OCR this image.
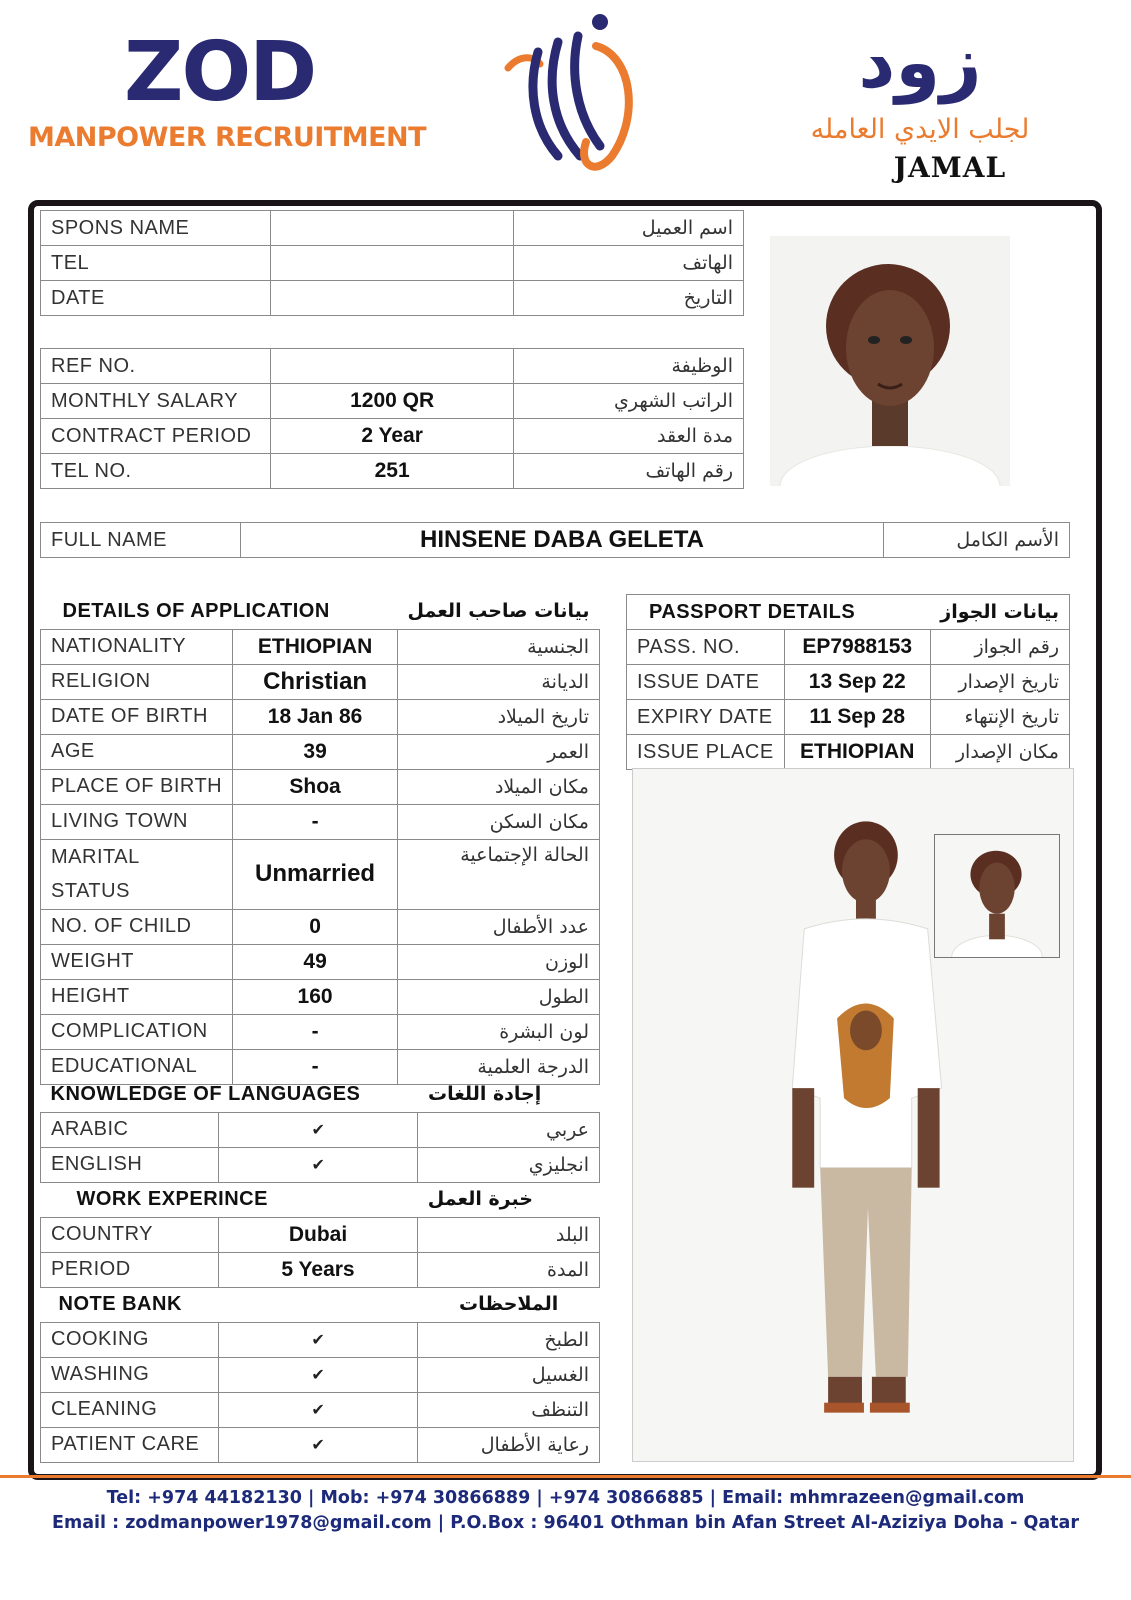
ZOD
MANPOWER RECRUITMENT
زود
لجلب الايدي العامله
JAMAL
SPONS NAME		اسم العميل
TEL		الهاتف
DATE		التاريخ
REF NO.		الوظيفة
MONTHLY SALARY	1200 QR	الراتب الشهري
CONTRACT PERIOD	2 Year	مدة العقد
TEL NO.	251	رقم الهاتف
FULL NAME	HINSENE DABA GELETA	الأسم الكامل
DETAILS OF APPLICATION		بيانات صاحب العمل
NATIONALITY	ETHIOPIAN	الجنسية
RELIGION	Christian	الديانة
DATE OF BIRTH	18 Jan 86	تاريخ الميلاد
AGE	39	العمر
PLACE OF BIRTH	Shoa	مكان الميلاد
LIVING TOWN	-	مكان السكن
MARITAL STATUS	Unmarried	الحالة الإجتماعية
NO. OF CHILD	0	عدد الأطفال
WEIGHT	49	الوزن
HEIGHT	160	الطول
COMPLICATION	-	لون البشرة
EDUCATIONAL	-	الدرجة العلمية
KNOWLEDGE OF LANGUAGES		إجادة اللغات
ARABIC	✔	عربي
ENGLISH	✔	انجليزي
WORK EXPERINCE		خبرة العمل
COUNTRY	Dubai	البلد
PERIOD	5 Years	المدة
NOTE BANK		الملاحظات
COOKING	✔	الطبخ
WASHING	✔	الغسيل
CLEANING	✔	التنظف
PATIENT CARE	✔	رعاية الأطفال
PASSPORT DETAILS		بيانات الجواز
PASS. NO.	EP7988153	رقم الجواز
ISSUE DATE	13 Sep 22	تاريخ الإصدار
EXPIRY DATE	11 Sep 28	تاريخ الإنتهاء
ISSUE PLACE	ETHIOPIAN	مكان الإصدار
Tel: +974 44182130 | Mob: +974 30866889 | +974 30866885 | Email: mhmrazeen@gmail.com
Email : zodmanpower1978@gmail.com | P.O.Box : 96401 Othman bin Afan Street Al-Aziziya Doha - Qatar
